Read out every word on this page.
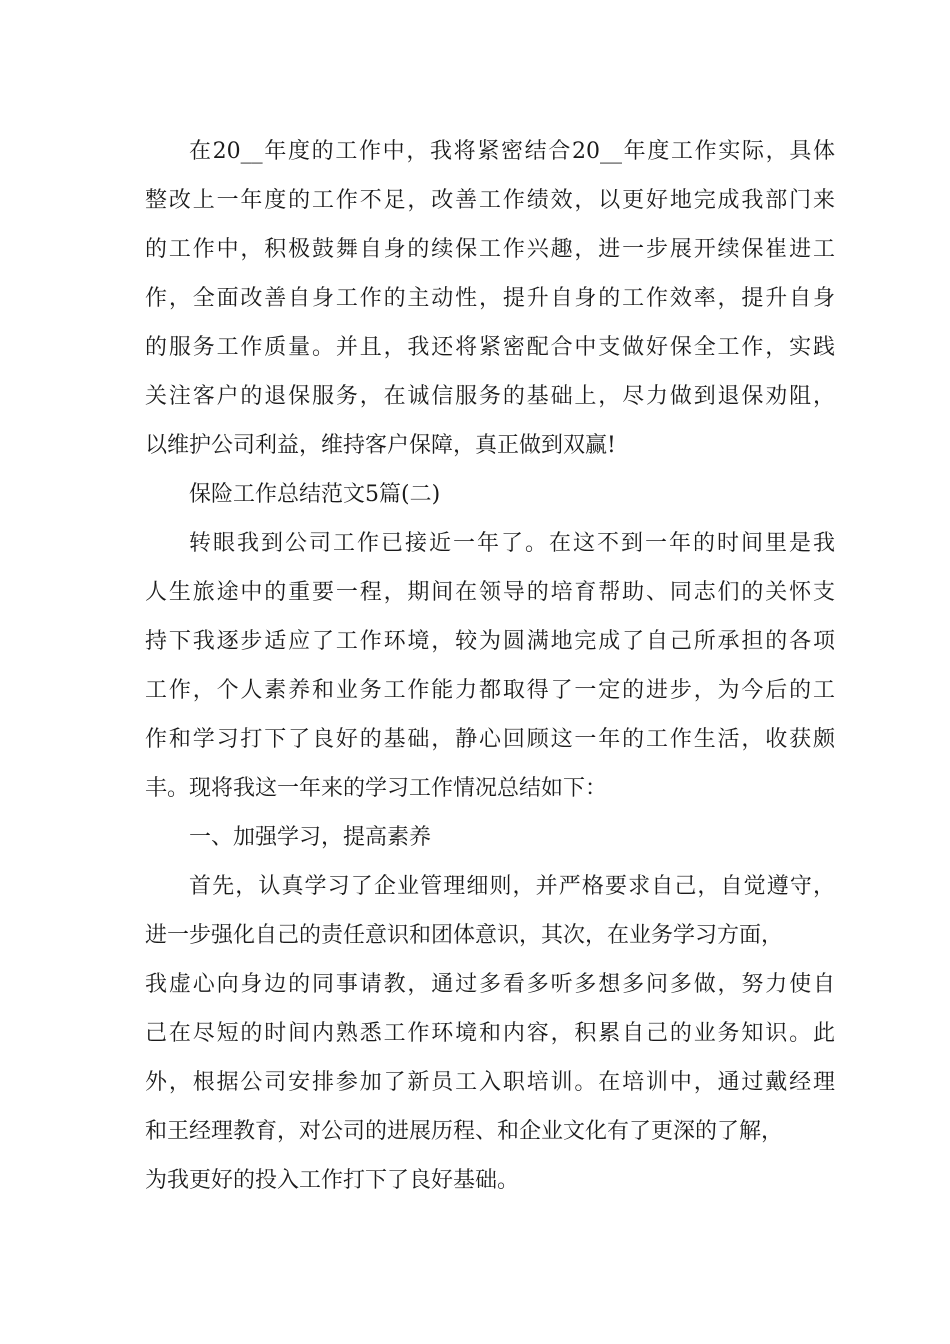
在20__年度的工作中，我将紧密结合20__年度工作实际，具体
整改上一年度的工作不足，改善工作绩效，以更好地完成我部门来
的工作中，积极鼓舞自身的续保工作兴趣，进一步展开续保崔进工
作，全面改善自身工作的主动性，提升自身的工作效率，提升自身
的服务工作质量。并且，我还将紧密配合中支做好保全工作，实践
关注客户的退保服务，在诚信服务的基础上，尽力做到退保劝阻，
以维护公司利益，维持客户保障，真正做到双赢!
保险工作总结范文5篇(二)
转眼我到公司工作已接近一年了。在这不到一年的时间里是我
人生旅途中的重要一程，期间在领导的培育帮助、同志们的关怀支
持下我逐步适应了工作环境，较为圆满地完成了自己所承担的各项
工作，个人素养和业务工作能力都取得了一定的进步，为今后的工
作和学习打下了良好的基础，静心回顾这一年的工作生活，收获颇
丰。现将我这一年来的学习工作情况总结如下：
一、加强学习，提高素养
首先，认真学习了企业管理细则，并严格要求自己，自觉遵守，
进一步强化自己的责任意识和团体意识，其次，在业务学习方面，
我虚心向身边的同事请教，通过多看多听多想多问多做，努力使自
己在尽短的时间内熟悉工作环境和内容，积累自己的业务知识。此
外，根据公司安排参加了新员工入职培训。在培训中，通过戴经理
和王经理教育，对公司的进展历程、和企业文化有了更深的了解，
为我更好的投入工作打下了良好基础。
